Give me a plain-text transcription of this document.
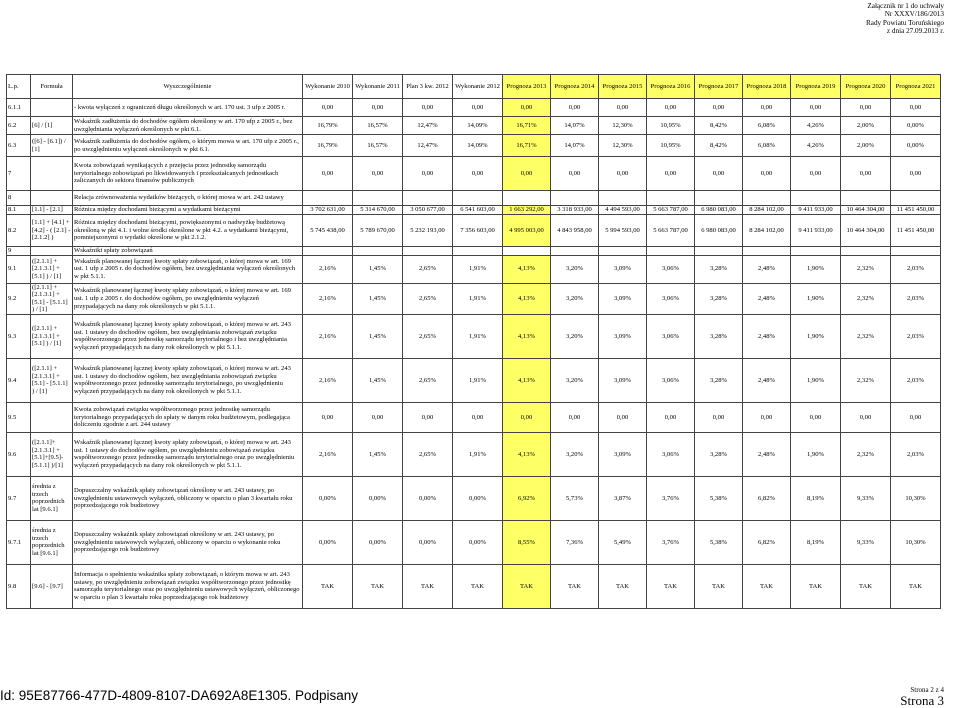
Załącznik nr 1 do uchwały
Nr XXXV/186/2013
Rady Powiatu Toruńskiego
z dnia 27.09.2013 r.
L.p.	Formuła	Wyszczególnienie	Wykonanie 2010	Wykonanie 2011	Plan 3 kw. 2012	Wykonanie 2012	Prognoza 2013	Prognoza 2014	Prognoza 2015	Prognoza 2016	Prognoza 2017	Prognoza 2018	Prognoza 2019	Prognoza 2020	Prognoza 2021
6.1.1		- kwota wyłączeń z ograniczeń długu określonych w art. 170 ust. 3 ufp z 2005 r.	0,00	0,00	0,00	0,00	0,00	0,00	0,00	0,00	0,00	0,00	0,00	0,00	0,00
6.2	[6] / [1]	Wskaźnik zadłużenia do dochodów ogółem określony w art. 170 ufp z 2005 r., bez uwzględniania wyłączeń określonych w pkt 6.1.	16,79%	16,57%	12,47%	14,09%	16,71%	14,07%	12,30%	10,95%	8,42%	6,08%	4,26%	2,00%	0,00%
6.3	([6] - [6.1]) / [1]	Wskaźnik zadłużenia do dochodów ogółem, o którym mowa w art. 170 ufp z 2005 r., po uwzględnieniu wyłączeń określonych w pkt 6.1.	16,79%	16,57%	12,47%	14,09%	16,71%	14,07%	12,30%	10,95%	8,42%	6,08%	4,26%	2,00%	0,00%
7		Kwota zobowiązań wynikających z przejęcia przez jednostkę samorządu terytorialnego zobowiązań po likwidowanych i przekształcanych jednostkach zaliczanych do sektora finansów publicznych	0,00	0,00	0,00	0,00	0,00	0,00	0,00	0,00	0,00	0,00	0,00	0,00	0,00
8		Relacja zrównoważenia wydatków bieżących, o której mowa w art. 242 ustawy													
8.1	[1.1] - [2.1]	Różnica między dochodami bieżącymi a wydatkami bieżącymi	3 702 631,00	5 314 670,00	3 050 677,00	6 541 603,00	1 663 292,00	3 318 933,00	4 494 593,00	5 663 787,00	6 980 083,00	8 284 102,00	9 411 933,00	10 464 304,00	11 451 450,00
8.2	[1.1] + [4.1] + [4.2] - ( [2.1] - [2.1.2] )	Różnica między dochodami bieżącymi, powiększonymi o nadwyżkę budżetową określoną w pkt 4.1. i wolne środki określone w pkt 4.2. a wydatkami bieżącymi, pomniejszonymi o wydatki określone w pkt 2.1.2.	5 745 438,00	5 789 670,00	5 232 193,00	7 356 603,00	4 995 003,00	4 843 958,00	5 994 593,00	5 663 787,00	6 980 083,00	8 284 102,00	9 411 933,00	10 464 304,00	11 451 450,00
9		Wskaźniki spłaty zobowiązań													
9.1	([2.1.1] + [2.1.3.1] + [5.1] ) / [1]	Wskaźnik planowanej łącznej kwoty spłaty zobowiązań, o której mowa w art. 169 ust. 1 ufp z 2005 r. do dochodów ogółem, bez uwzględniania wyłączeń określonych w pkt 5.1.1.	2,16%	1,45%	2,65%	1,91%	4,13%	3,20%	3,09%	3,06%	3,28%	2,48%	1,90%	2,32%	2,03%
9.2	([2.1.1] + [2.1.3.1] + [5.1] - [5.1.1] ) / [1]	Wskaźnik planowanej łącznej kwoty spłaty zobowiązań, o której mowa w art. 169 ust. 1 ufp z 2005 r. do dochodów ogółem, po uwzględnieniu wyłączeń przypadających na dany rok określonych w pkt 5.1.1.	2,16%	1,45%	2,65%	1,91%	4,13%	3,20%	3,09%	3,06%	3,28%	2,48%	1,90%	2,32%	2,03%
9.3	([2.1.1] + [2.1.3.1] + [5.1] ) / [1]	Wskaźnik planowanej łącznej kwoty spłaty zobowiązań, o której mowa w art. 243 ust. 1 ustawy do dochodów ogółem, bez uwzględniania zobowiązań związku współtworzonego przez jednostkę samorządu terytorialnego i bez uwzględniania wyłączeń przypadających na dany rok określonych w pkt 5.1.1.	2,16%	1,45%	2,65%	1,91%	4,13%	3,20%	3,09%	3,06%	3,28%	2,48%	1,90%	2,32%	2,03%
9.4	([2.1.1] + [2.1.3.1] + [5.1] - [5.1.1] ) / [1]	Wskaźnik planowanej łącznej kwoty spłaty zobowiązań, o której mowa w art. 243 ust. 1 ustawy do dochodów ogółem, bez uwzględniania zobowiązań związku współtworzonego przez jednostkę samorządu terytorialnego, po uwzględnieniu wyłączeń przypadających na dany rok określonych w pkt 5.1.1.	2,16%	1,45%	2,65%	1,91%	4,13%	3,20%	3,09%	3,06%	3,28%	2,48%	1,90%	2,32%	2,03%
9.5		Kwota zobowiązań związku współtworzonego przez jednostkę samorządu terytorialnego przypadających do spłaty w danym roku budżetowym, podlegająca doliczeniu zgodnie z art. 244 ustawy	0,00	0,00	0,00	0,00	0,00	0,00	0,00	0,00	0,00	0,00	0,00	0,00	0,00
9.6	([2.1.1]+[2.1.3.1] + [5.1]+[9.5]-[5.1.1] )/[1]	Wskaźnik planowanej łącznej kwoty spłaty zobowiązań, o której mowa w art. 243 ust. 1 ustawy do dochodów ogółem, po uwzględnieniu zobowiązań związku współtworzonego przez jednostkę samorządu terytorialnego oraz po uwzględnieniu wyłączeń przypadających na dany rok określonych w pkt 5.1.1.	2,16%	1,45%	2,65%	1,91%	4,13%	3,20%	3,09%	3,06%	3,28%	2,48%	1,90%	2,32%	2,03%
9.7	średnia z trzech poprzednich lat [9.6.1]	Dopuszczalny wskaźnik spłaty zobowiązań określony w art. 243 ustawy, po uwzględnieniu ustawowych wyłączeń, obliczony w oparciu o plan 3 kwartału roku poprzedzającego rok budżetowy	0,00%	0,00%	0,00%	0,00%	6,92%	5,73%	3,87%	3,76%	5,38%	6,82%	8,19%	9,33%	10,30%
9.7.1	średnia z trzech poprzednich lat [9.6.1]	Dopuszczalny wskaźnik spłaty zobowiązań określony w art. 243 ustawy, po uwzględnieniu ustawowych wyłączeń, obliczony w oparciu o wykonanie roku poprzedzającego rok budżetowy	0,00%	0,00%	0,00%	0,00%	8,55%	7,36%	5,49%	3,76%	5,38%	6,82%	8,19%	9,33%	10,30%
9.8	[9.6] - [9.7]	Informacja o spełnieniu wskaźnika spłaty zobowiązań, o którym mowa w art. 243 ustawy, po uwzględnieniu zobowiązań związku współtworzonego przez jednostkę samorządu terytorialnego oraz po uwzględnieniu ustawowych wyłączeń, obliczonego w oparciu o plan 3 kwartału roku poprzedzającego rok budżetowy	TAK	TAK	TAK	TAK	TAK	TAK	TAK	TAK	TAK	TAK	TAK	TAK	TAK
Id: 95E87766-477D-4809-8107-DA692A8E1305. Podpisany	Strona 2 z 4
Strona 3
